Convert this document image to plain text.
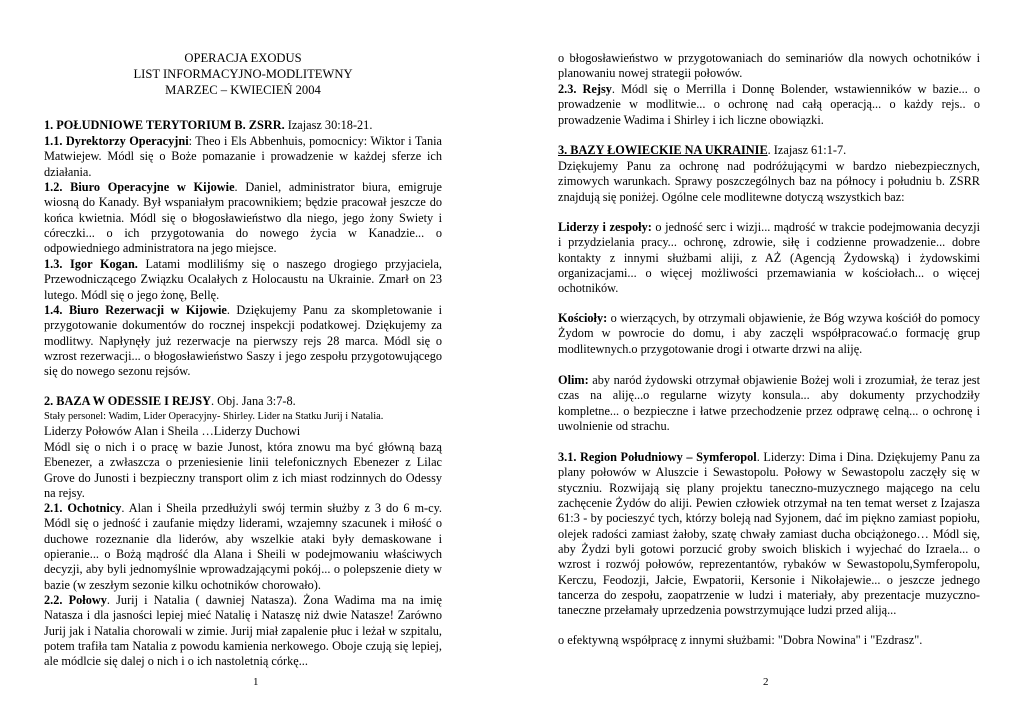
OPERACJA EXODUS

LIST INFORMACYJNO-MODLITEWNY

MARZEC – KWIECIEŃ 2004

1. POŁUDNIOWE TERYTORIUM B. ZSRR. Izajasz 30:18-21.

1.1. Dyrektorzy Operacyjni: Theo i Els Abbenhuis, pomocnicy: Wiktor i Tania Matwiejew. Módl się o Boże pomazanie i prowadzenie w każdej sferze ich działania.

1.2. Biuro Operacyjne w Kijowie. Daniel, administrator biura, emigruje wiosną do Kanady. Był wspaniałym pracownikiem; będzie pracował jeszcze do końca kwietnia. Módl się o błogosławieństwo dla niego, jego żony Swiety i córeczki... o ich przygotowania do nowego życia w Kanadzie... o odpowiedniego administratora na jego miejsce.

1.3. Igor Kogan. Latami modliliśmy się o naszego drogiego przyjaciela, Przewodniczącego Związku Ocalałych z Holocaustu na Ukrainie. Zmarł on 23 lutego. Módl się o jego żonę, Bellę.

1.4. Biuro Rezerwacji w Kijowie. Dziękujemy Panu za skompletowanie i przygotowanie dokumentów do rocznej inspekcji podatkowej. Dziękujemy za modlitwy. Napłynęły już rezerwacje na pierwszy rejs 28 marca. Módl się o wzrost rezerwacji... o błogosławieństwo Saszy i jego zespołu przygotowującego się do nowego sezonu rejsów.

2. BAZA W ODESSIE I REJSY. Obj. Jana 3:7-8.

Stały personel: Wadim, Lider Operacyjny- Shirley. Lider na Statku Jurij i Natalia.

Liderzy Połowów Alan i Sheila …Liderzy Duchowi

Módl się o nich i o pracę w bazie Junost, która znowu ma być główną bazą Ebenezer, a zwłaszcza o przeniesienie linii telefonicznych Ebenezer z Lilac Grove do Junosti i bezpieczny transport olim z ich miast rodzinnych do Odessy na rejsy.

2.1. Ochotnicy. Alan i Sheila przedłużyli swój termin służby z 3 do 6 m-cy. Módl się o jedność i zaufanie między liderami, wzajemny szacunek i miłość o duchowe rozeznanie dla liderów, aby wszelkie ataki były demaskowane i opieranie... o Bożą mądrość dla Alana i Sheili w podejmowaniu właściwych decyzji, aby byli jednomyślnie wprowadzającymi pokój... o polepszenie diety w bazie (w zeszłym sezonie kilku ochotników chorowało).

2.2. Połowy. Jurij i Natalia ( dawniej Natasza). Żona Wadima ma na imię Natasza i dla jasności lepiej mieć Natalię i Nataszę niż dwie Natasze! Zarówno Jurij jak i Natalia chorowali w zimie. Jurij miał zapalenie płuc i leżał w szpitalu, potem trafiła tam Natalia z powodu kamienia nerkowego. Oboje czują się lepiej, ale módlcie się dalej o nich i o ich nastoletnią córkę...

1

o błogosławieństwo w przygotowaniach do seminariów dla nowych ochotników i planowaniu nowej strategii połowów.

2.3. Rejsy. Módl się o Merrilla i Donnę Bolender, wstawienników w bazie... o prowadzenie w modlitwie... o ochronę nad całą operacją... o każdy rejs.. o prowadzenie Wadima i Shirley i ich liczne obowiązki.

3. BAZY ŁOWIECKIE NA UKRAINIE. Izajasz 61:1-7.

Dziękujemy Panu za ochronę nad podróżującymi w bardzo niebezpiecznych, zimowych warunkach. Sprawy poszczególnych baz na północy i południu b. ZSRR znajdują się poniżej. Ogólne cele modlitewne dotyczą wszystkich baz:

Liderzy i zespoły: o jedność serc i wizji... mądrość w trakcie podejmowania decyzji i przydzielania pracy... ochronę, zdrowie, siłę i codzienne prowadzenie... dobre kontakty z innymi służbami aliji, z AŻ (Agencją Żydowską) i żydowskimi organizacjami... o więcej możliwości przemawiania w kościołach... o więcej ochotników.

Kościoły: o wierzących, by otrzymali objawienie, że Bóg wzywa kościół do pomocy Żydom w powrocie do domu, i aby zaczęli współpracować.o formację grup modlitewnych.o przygotowanie drogi i otwarte drzwi na aliję.

Olim: aby naród żydowski otrzymał objawienie Bożej woli i zrozumiał, że teraz jest czas na aliję...o regularne wizyty konsula... aby dokumenty przychodziły kompletne... o bezpieczne i łatwe przechodzenie przez odprawę celną... o ochronę i uwolnienie od strachu.

3.1. Region Południowy – Symferopol. Liderzy: Dima i Dina. Dziękujemy Panu za plany połowów w Aluszcie i Sewastopolu. Połowy w Sewastopolu zaczęły się w styczniu. Rozwijają się plany projektu taneczno-muzycznego mającego na celu zachęcenie Żydów do aliji. Pewien człowiek otrzymał na ten temat werset z Izajasza 61:3 - by pocieszyć tych, którzy boleją nad Syjonem, dać im piękno zamiast popiołu, olejek radości zamiast żałoby, szatę chwały zamiast ducha obciążonego… Módl się, aby Żydzi byli gotowi porzucić groby swoich bliskich i wyjechać do Izraela... o wzrost i rozwój połowów, reprezentantów, rybaków w Sewastopolu,Symferopolu, Kerczu, Feodozji, Jałcie, Ewpatorii, Kersonie i Nikołajewie... o jeszcze jednego tancerza do zespołu, zaopatrzenie w ludzi i materiały, aby prezentacje muzyczno-taneczne przełamały uprzedzenia powstrzymujące ludzi przed aliją...

o efektywną współpracę z innymi służbami: "Dobra Nowina" i "Ezdrasz".

2
